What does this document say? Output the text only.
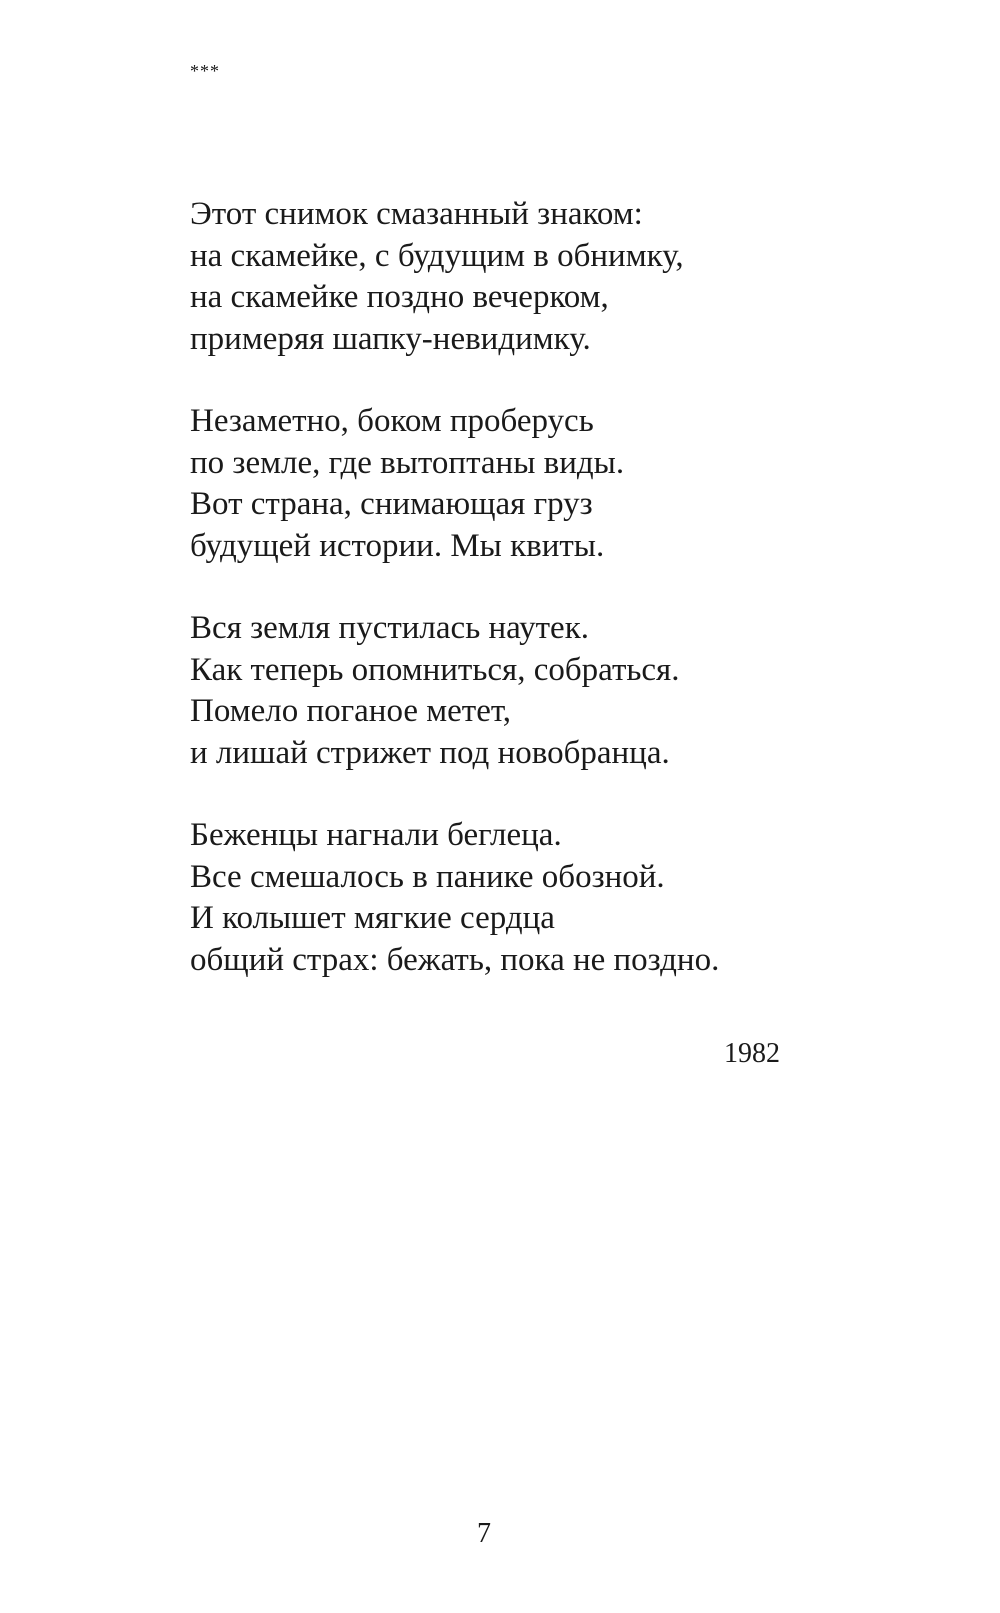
***
Этот снимок смазанный знаком:
на скамейке, с будущим в обнимку,
на скамейке поздно вечерком,
примеряя шапку-невидимку.
Незаметно, боком проберусь
по земле, где вытоптаны виды.
Вот страна, снимающая груз
будущей истории. Мы квиты.
Вся земля пустилась наутек.
Как теперь опомниться, собраться.
Помело поганое метет,
и лишай стрижет под новобранца.
Беженцы нагнали беглеца.
Все смешалось в панике обозной.
И колышет мягкие сердца
общий страх: бежать, пока не поздно.
1982
7
